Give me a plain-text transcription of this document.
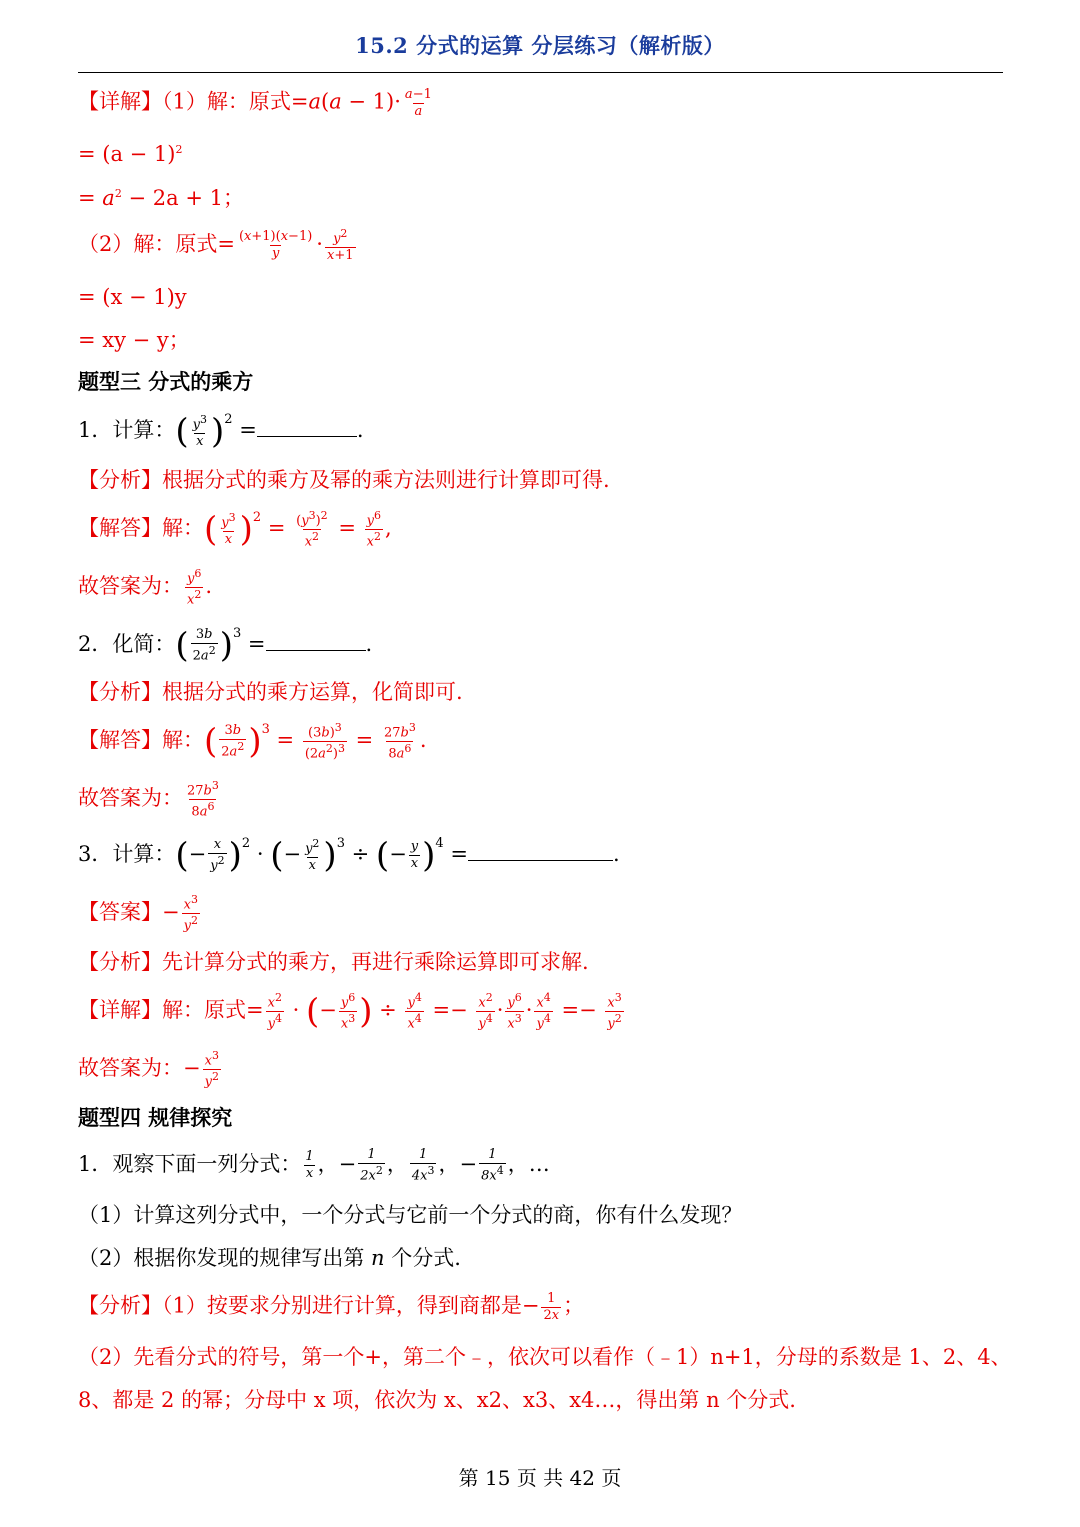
15.2 分式的运算 分层练习（解析版）
【详解】（1）解：原式$=a(a - 1)\cdot \frac{a-1}{a}$
= $(a - 1)^2$
= $a^2 - 2a + 1$；
（2）解：原式= $\frac{(x+1)(x-1)}{y} \cdot \frac{y^2}{x+1}$
= (x − 1)y
= xy − y；
题型三 分式的乘方
1．计算：( $\frac{y^3}{x} )^2$ =	.
【分析】根据分式的乘方及幂的乘方法则进行计算即可得.
【解答】解：( $\frac{y^3}{x} )^2 = \frac{(y^3)^2}{x^2} = \frac{y^6}{x^2}$ ,
故答案为： $\frac{y^6}{x^2}$ .
2．化简：( $\frac{3b}{2a^2} )^3$ =	.
【分析】根据分式的乘方运算，化简即可.
【解答】解：( $\frac{3b}{2a^2} )^3 = \frac{(3b)^3}{(2a^2)^3} = \frac{27b^3}{8a^6}$ .
故答案为： $\frac{27b^3}{8a^6}$
3．计算：(− $\frac{x}{y^2} )^2$ · (− $\frac{y^2}{x} )^3$ ÷ (− $\frac{y}{x} )^4$ =	.
【答案】− $\frac{x^3}{y^2}$
【分析】先计算分式的乘方，再进行乘除运算即可求解.
【详解】解：原式= $\frac{x^2}{y^4}$ · (− $\frac{y^6}{x^3}$ ) ÷ $\frac{y^4}{x^4} =- \frac{x^2}{y^4} \cdot \frac{y^6}{x^3} \cdot \frac{x^4}{y^4} =- \frac{x^3}{y^2}$
故答案为：− $\frac{x^3}{y^2}$
题型四 规律探究
1．观察下面一列分式： $\frac{1}{x}$ ，− $\frac{1}{2x^2}$ ， $\frac{1}{4x^3}$ ，− $\frac{1}{8x^4}$ ，…
（1）计算这列分式中，一个分式与它前一个分式的商，你有什么发现？
（2）根据你发现的规律写出第 n 个分式.
【分析】（1）按要求分别进行计算，得到商都是− $\frac{1}{2x}$ ；
（2）先看分式的符号，第一个+，第二个﹣，依次可以看作（﹣1）n+1，分母的系数是 1、2、4、
8、都是 2 的幂；分母中 x 项，依次为 x、x2、x3、x4…，得出第 n 个分式.
第 15 页 共 42 页
